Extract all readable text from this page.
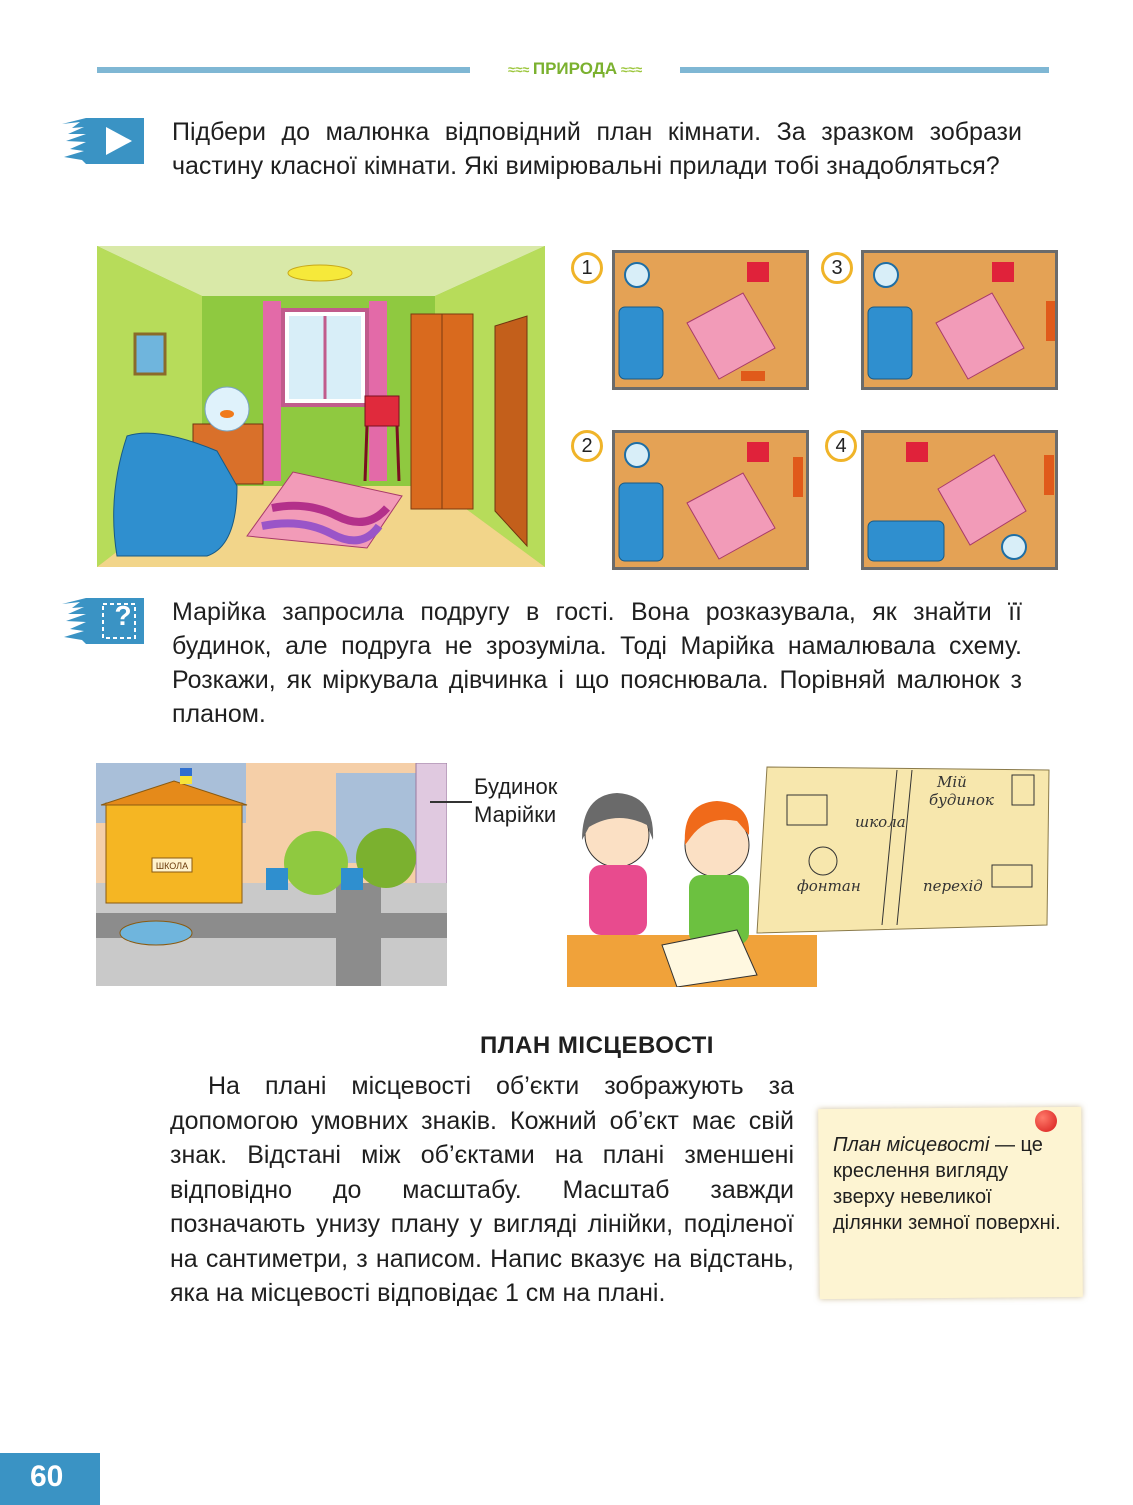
≈≈≈ ПРИРОДА ≈≈≈
Підбери до малюнка відповідний план кімнати. За зразком зобрази частину класної кімнати. Які вимірювальні прилади тобі знадобляться?
1	3
2	4
?	Марійка запросила подругу в гості. Вона розказувала, як знайти її будинок, але подруга не зрозуміла. Тоді Марійка намалювала схему. Розкажи, як міркувала дівчинка і що пояснювала. Порівняй малюнок з планом.
ШКОЛА
Будинок
Марійки	школа
Мій
будинок
фонтан	перехід
ПЛАН МІСЦЕВОСТІ

На плані місцевості об’єкти зображують за допомогою умовних знаків. Кожний об’єкт має свій знак. Відстані між об’єктами на плані зменшені відповідно до масштабу. Масштаб завжди позначають унизу плану у вигляді лінійки, поділеної на сантиметри, з написом. Напис вказує на відстань, яка на місцевості відповідає 1 см на плані.

План місцевості — це креслення вигляду зверху невеликої ділянки земної поверхні.
60
